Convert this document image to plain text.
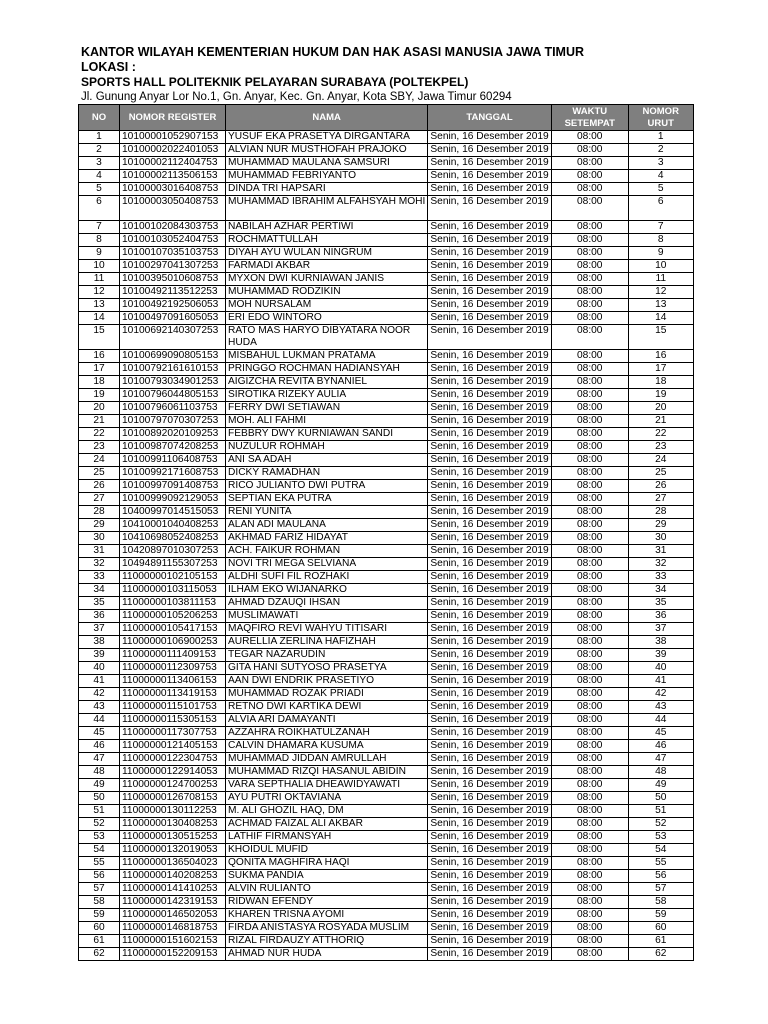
KANTOR WILAYAH KEMENTERIAN HUKUM DAN HAK ASASI MANUSIA JAWA TIMUR
LOKASI :
SPORTS HALL POLITEKNIK PELAYARAN SURABAYA (POLTEKPEL)
Jl. Gunung Anyar Lor No.1, Gn. Anyar, Kec. Gn. Anyar, Kota SBY, Jawa Timur 60294
NO	NOMOR REGISTER	NAMA	TANGGAL	WAKTU SETEMPAT	NOMOR URUT
1	10100001052907153	YUSUF EKA PRASETYA DIRGANTARA	Senin, 16 Desember 2019	08:00	1
2	10100002022401053	ALVIAN NUR MUSTHOFAH PRAJOKO	Senin, 16 Desember 2019	08:00	2
3	10100002112404753	MUHAMMAD MAULANA SAMSURI	Senin, 16 Desember 2019	08:00	3
4	10100002113506153	MUHAMMAD FEBRIYANTO	Senin, 16 Desember 2019	08:00	4
5	10100003016408753	DINDA TRI HAPSARI	Senin, 16 Desember 2019	08:00	5
6	10100003050408753	MUHAMMAD IBRAHIM ALFAHSYAH MOHI	Senin, 16 Desember 2019	08:00	6
7	10100102084303753	NABILAH AZHAR PERTIWI	Senin, 16 Desember 2019	08:00	7
8	10100103052404753	ROCHMATTULLAH	Senin, 16 Desember 2019	08:00	8
9	10100107035103753	DIYAH AYU WULAN NINGRUM	Senin, 16 Desember 2019	08:00	9
10	10100297041307253	FARMADI AKBAR	Senin, 16 Desember 2019	08:00	10
11	10100395010608753	MYXON DWI KURNIAWAN JANIS	Senin, 16 Desember 2019	08:00	11
12	10100492113512253	MUHAMMAD RODZIKIN	Senin, 16 Desember 2019	08:00	12
13	10100492192506053	MOH NURSALAM	Senin, 16 Desember 2019	08:00	13
14	10100497091605053	ERI EDO WINTORO	Senin, 16 Desember 2019	08:00	14
15	10100692140307253	RATO MAS HARYO DIBYATARA NOOR HUDA	Senin, 16 Desember 2019	08:00	15
16	10100699090805153	MISBAHUL LUKMAN PRATAMA	Senin, 16 Desember 2019	08:00	16
17	10100792161610153	PRINGGO ROCHMAN HADIANSYAH	Senin, 16 Desember 2019	08:00	17
18	10100793034901253	AIGIZCHA REVITA BYNANIEL	Senin, 16 Desember 2019	08:00	18
19	10100796044805153	SIROTIKA RIZEKY AULIA	Senin, 16 Desember 2019	08:00	19
20	10100796061103753	FERRY DWI SETIAWAN	Senin, 16 Desember 2019	08:00	20
21	10100797070307253	MOH. ALI FAHMI	Senin, 16 Desember 2019	08:00	21
22	10100892020109253	FEBBRY DWY KURNIAWAN SANDI	Senin, 16 Desember 2019	08:00	22
23	10100987074208253	NUZULUR ROHMAH	Senin, 16 Desember 2019	08:00	23
24	10100991106408753	ANI SA ADAH	Senin, 16 Desember 2019	08:00	24
25	10100992171608753	DICKY RAMADHAN	Senin, 16 Desember 2019	08:00	25
26	10100997091408753	RICO JULIANTO DWI PUTRA	Senin, 16 Desember 2019	08:00	26
27	10100999092129053	SEPTIAN EKA PUTRA	Senin, 16 Desember 2019	08:00	27
28	10400997014515053	RENI YUNITA	Senin, 16 Desember 2019	08:00	28
29	10410001040408253	ALAN ADI MAULANA	Senin, 16 Desember 2019	08:00	29
30	10410698052408253	AKHMAD FARIZ HIDAYAT	Senin, 16 Desember 2019	08:00	30
31	10420897010307253	ACH. FAIKUR ROHMAN	Senin, 16 Desember 2019	08:00	31
32	10494891155307253	NOVI TRI MEGA SELVIANA	Senin, 16 Desember 2019	08:00	32
33	11000000102105153	ALDHI SUFI FIL ROZHAKI	Senin, 16 Desember 2019	08:00	33
34	11000000103115053	ILHAM EKO WIJANARKO	Senin, 16 Desember 2019	08:00	34
35	11000000103811153	AHMAD DZAUQI IHSAN	Senin, 16 Desember 2019	08:00	35
36	11000000105206253	MUSLIMAWATI	Senin, 16 Desember 2019	08:00	36
37	11000000105417153	MAQFIRO REVI WAHYU TITISARI	Senin, 16 Desember 2019	08:00	37
38	11000000106900253	AURELLIA ZERLINA HAFIZHAH	Senin, 16 Desember 2019	08:00	38
39	11000000111409153	TEGAR NAZARUDIN	Senin, 16 Desember 2019	08:00	39
40	11000000112309753	GITA HANI SUTYOSO PRASETYA	Senin, 16 Desember 2019	08:00	40
41	11000000113406153	AAN DWI ENDRIK PRASETIYO	Senin, 16 Desember 2019	08:00	41
42	11000000113419153	MUHAMMAD ROZAK PRIADI	Senin, 16 Desember 2019	08:00	42
43	11000000115101753	RETNO DWI KARTIKA DEWI	Senin, 16 Desember 2019	08:00	43
44	11000000115305153	ALVIA ARI DAMAYANTI	Senin, 16 Desember 2019	08:00	44
45	11000000117307753	AZZAHRA ROIKHATULZANAH	Senin, 16 Desember 2019	08:00	45
46	11000000121405153	CALVIN DHAMARA KUSUMA	Senin, 16 Desember 2019	08:00	46
47	11000000122304753	MUHAMMAD JIDDAN AMRULLAH	Senin, 16 Desember 2019	08:00	47
48	11000000122914053	MUHAMMAD RIZQI HASANUL ABIDIN	Senin, 16 Desember 2019	08:00	48
49	11000000124700253	VARA SEPTHALIA DHEAWIDYAWATI	Senin, 16 Desember 2019	08:00	49
50	11000000126708153	AYU PUTRI OKTAVIANA	Senin, 16 Desember 2019	08:00	50
51	11000000130112253	M. ALI GHOZIL HAQ, DM	Senin, 16 Desember 2019	08:00	51
52	11000000130408253	ACHMAD FAIZAL ALI AKBAR	Senin, 16 Desember 2019	08:00	52
53	11000000130515253	LATHIF FIRMANSYAH	Senin, 16 Desember 2019	08:00	53
54	11000000132019053	KHOIDUL MUFID	Senin, 16 Desember 2019	08:00	54
55	11000000136504023	QONITA MAGHFIRA HAQI	Senin, 16 Desember 2019	08:00	55
56	11000000140208253	SUKMA PANDIA	Senin, 16 Desember 2019	08:00	56
57	11000000141410253	ALVIN RULIANTO	Senin, 16 Desember 2019	08:00	57
58	11000000142319153	RIDWAN EFENDY	Senin, 16 Desember 2019	08:00	58
59	11000000146502053	KHAREN TRISNA AYOMI	Senin, 16 Desember 2019	08:00	59
60	11000000146818753	FIRDA ANISTASYA ROSYADA MUSLIM	Senin, 16 Desember 2019	08:00	60
61	11000000151602153	RIZAL FIRDAUZY ATTHORIQ	Senin, 16 Desember 2019	08:00	61
62	11000000152209153	AHMAD NUR HUDA	Senin, 16 Desember 2019	08:00	62
